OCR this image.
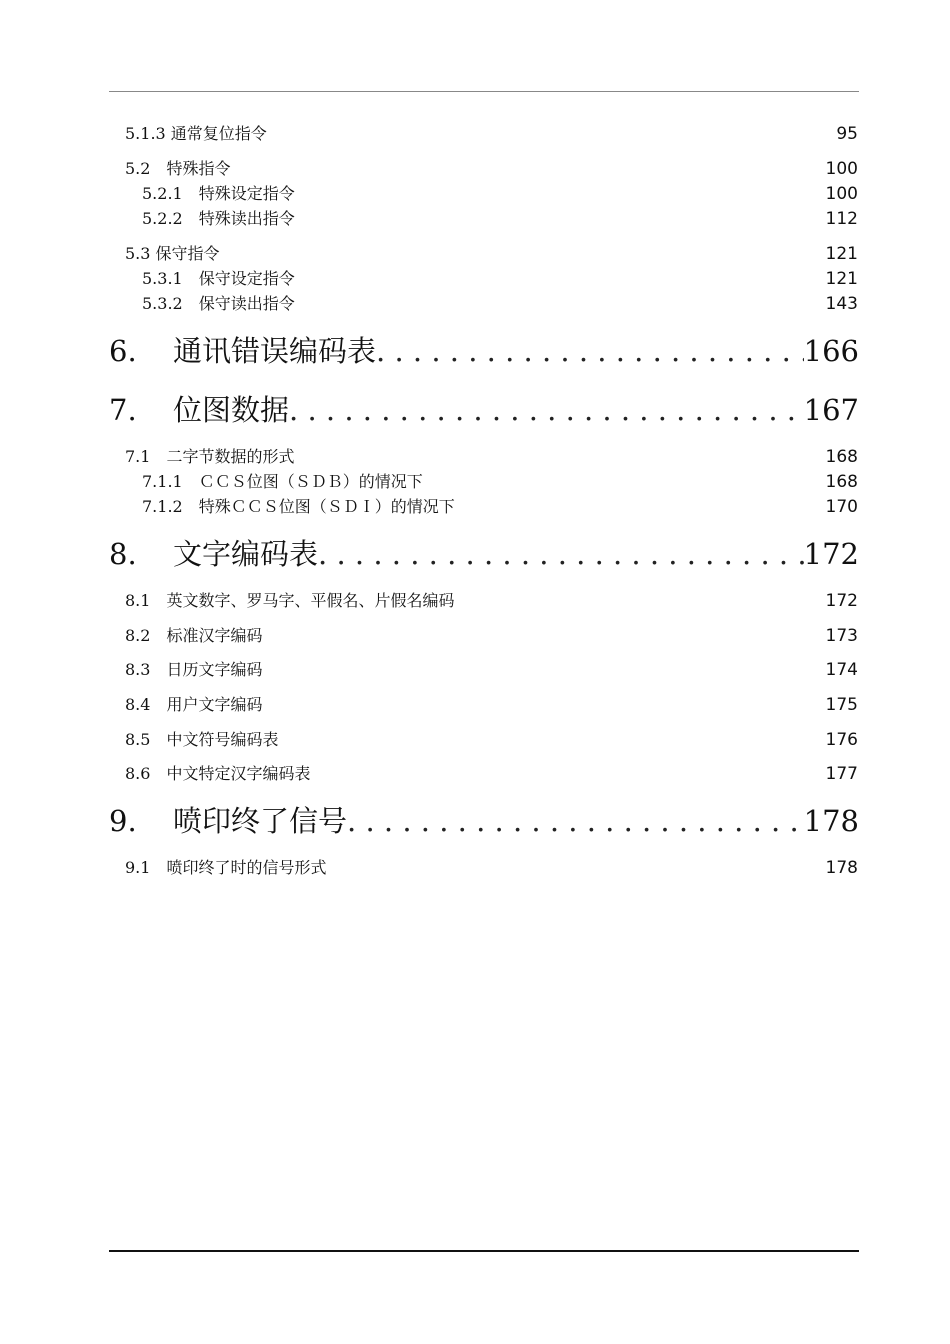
5.1.3 通常复位指令	95
5.2　特殊指令	100
5.2.1　特殊设定指令	100
5.2.2　特殊读出指令	112
5.3 保守指令	121
5.3.1　保守设定指令	121
5.3.2　保守读出指令	143
6. 通讯错误编码表 . . .	166
7. 位图数据 . . .	167
7.1　二字节数据的形式	168
7.1.1　ＣＣＳ位图（ＳＤＢ）的情况下	168
7.1.2　特殊ＣＣＳ位图（ＳＤＩ）的情况下	170
8. 文字编码表 . . .	172
8.1　英文数字、罗马字、平假名、片假名编码	172
8.2　标准汉字编码	173
8.3　日历文字编码	174
8.4　用户文字编码	175
8.5　中文符号编码表	176
8.6　中文特定汉字编码表	177
9. 喷印终了信号 . . .	178
9.1　喷印终了时的信号形式	178
